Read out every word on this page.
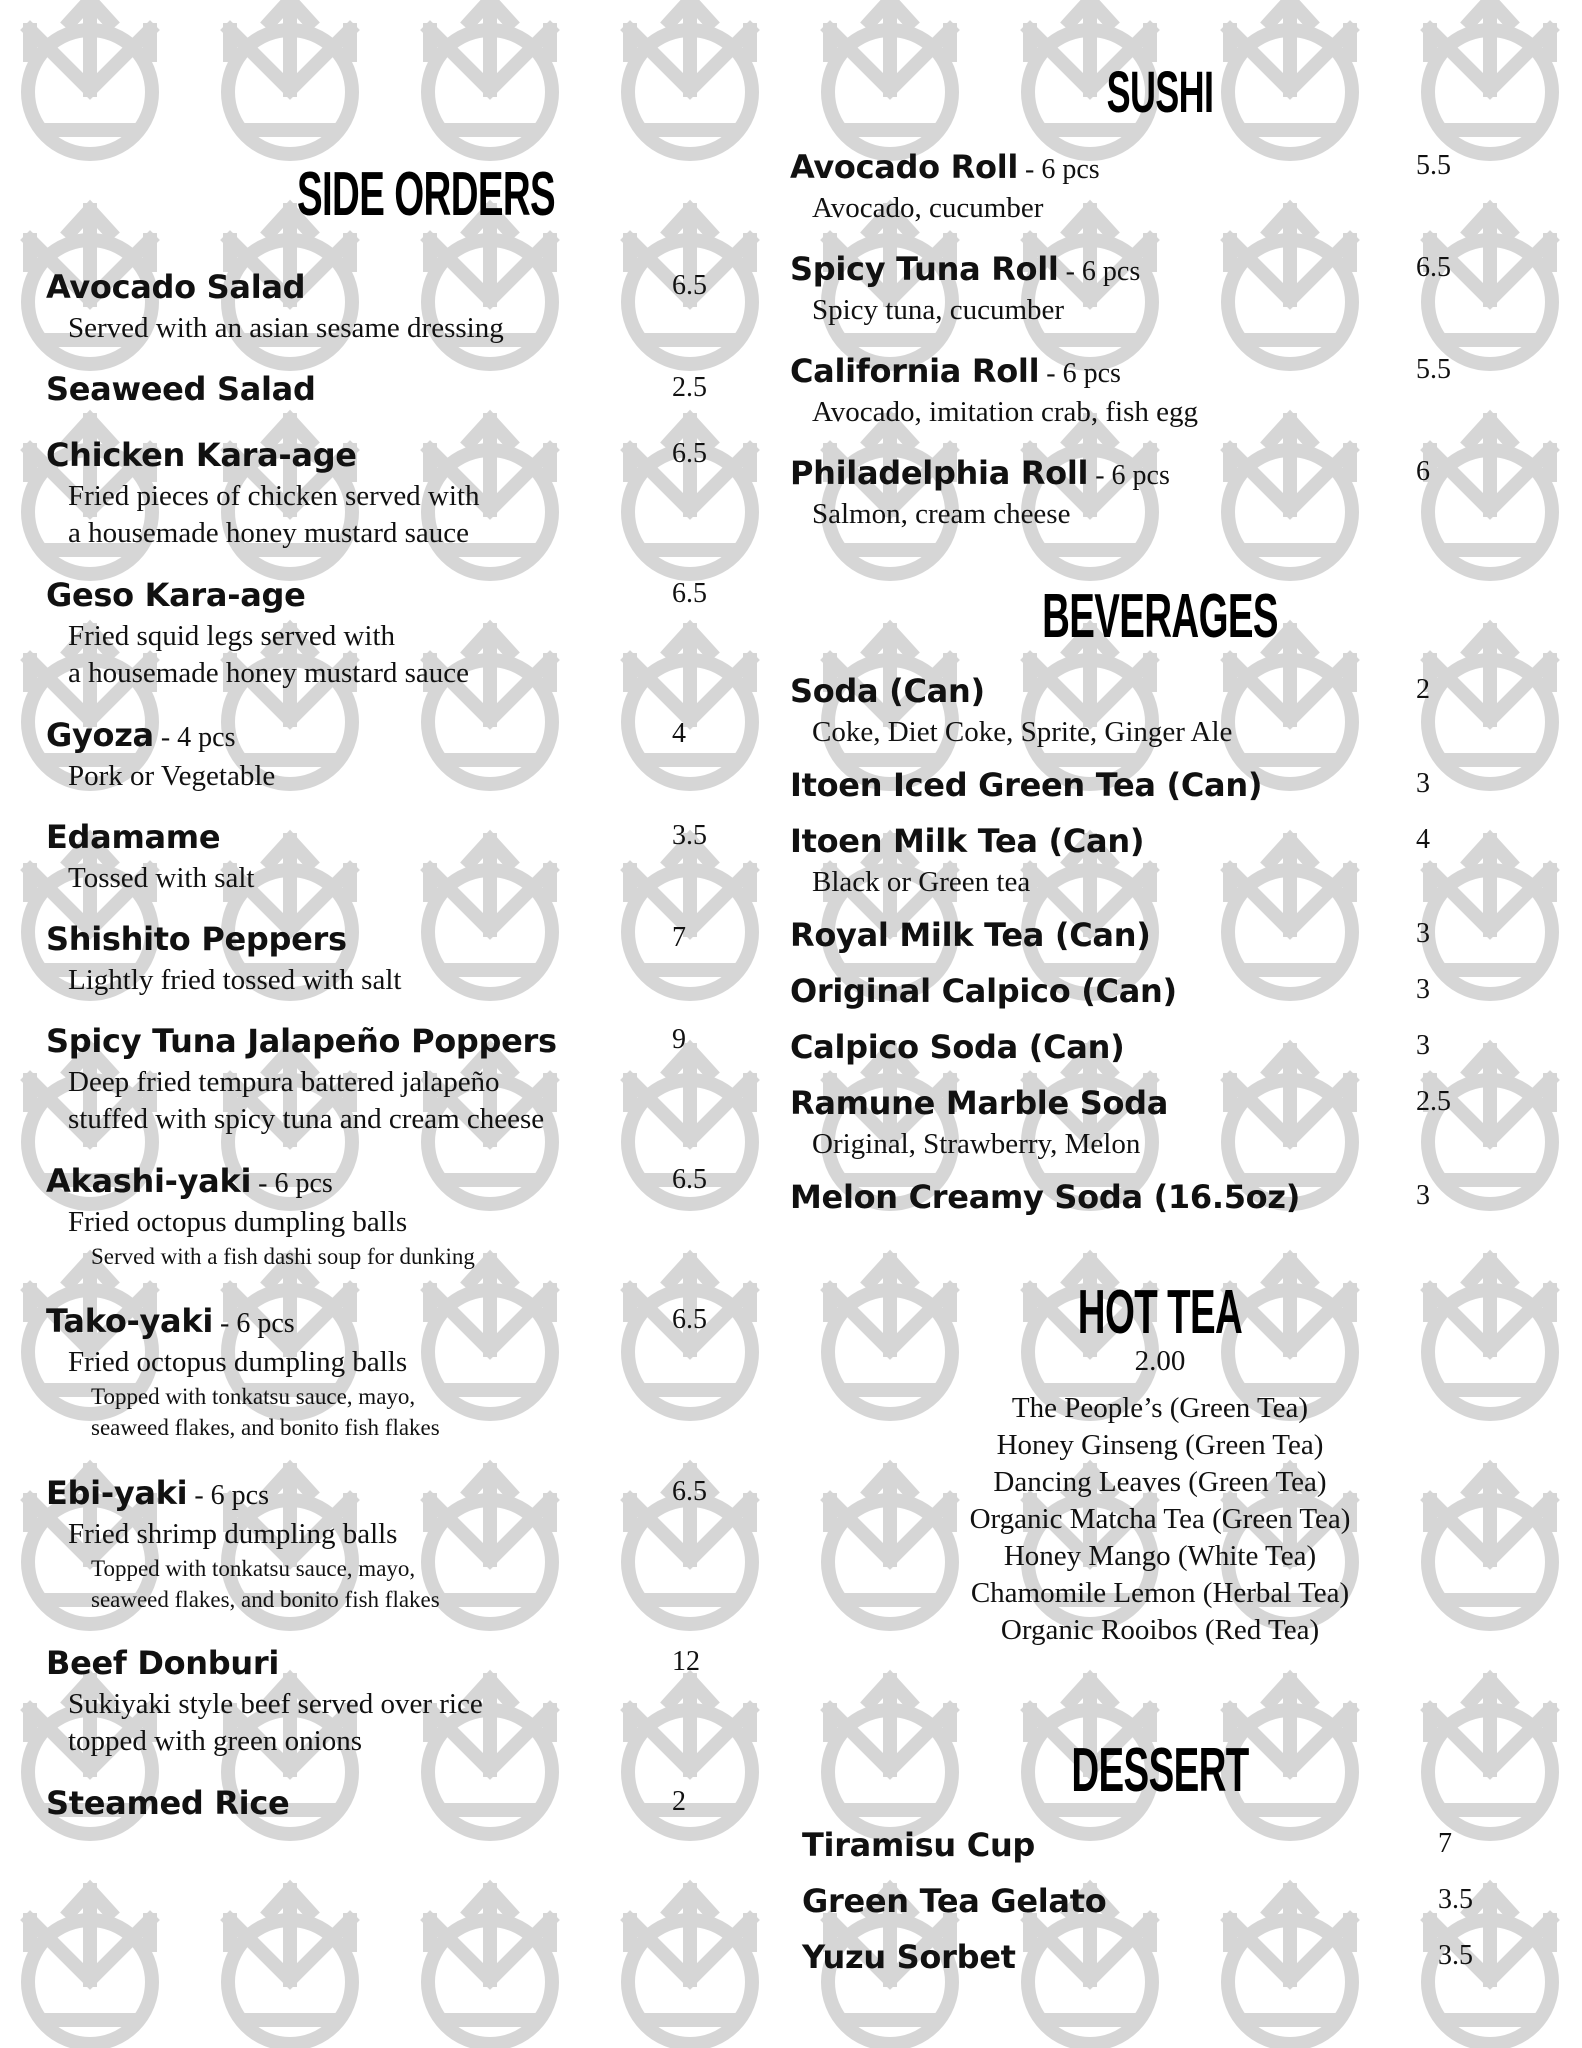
SIDE ORDERS
Avocado Salad	6.5
Served with an asian sesame dressing
Seaweed Salad	2.5
Chicken Kara-age	6.5
Fried pieces of chicken served with
a housemade honey mustard sauce
Geso Kara-age	6.5
Fried squid legs served with
a housemade honey mustard sauce
Gyoza - 4 pcs	4
Pork or Vegetable
Edamame	3.5
Tossed with salt
Shishito Peppers	7
Lightly fried tossed with salt
Spicy Tuna Jalapeño Poppers	9
Deep fried tempura battered jalapeño
stuffed with spicy tuna and cream cheese
Akashi-yaki - 6 pcs	6.5
Fried octopus dumpling balls
Served with a fish dashi soup for dunking
Tako-yaki - 6 pcs	6.5
Fried octopus dumpling balls
Topped with tonkatsu sauce, mayo,
seaweed flakes, and bonito fish flakes
Ebi-yaki - 6 pcs	6.5
Fried shrimp dumpling balls
Topped with tonkatsu sauce, mayo,
seaweed flakes, and bonito fish flakes
Beef Donburi	12
Sukiyaki style beef served over rice
topped with green onions
Steamed Rice	2
SUSHI
Avocado Roll - 6 pcs	5.5
Avocado, cucumber
Spicy Tuna Roll - 6 pcs	6.5
Spicy tuna, cucumber
California Roll - 6 pcs	5.5
Avocado, imitation crab, fish egg
Philadelphia Roll - 6 pcs	6
Salmon, cream cheese
BEVERAGES
Soda (Can)	2
Coke, Diet Coke, Sprite, Ginger Ale
Itoen Iced Green Tea (Can)	3
Itoen Milk Tea (Can)	4
Black or Green tea
Royal Milk Tea (Can)	3
Original Calpico (Can)	3
Calpico Soda (Can)	3
Ramune Marble Soda	2.5
Original, Strawberry, Melon
Melon Creamy Soda (16.5oz)	3
DESSERT
Tiramisu Cup	7
Green Tea Gelato	3.5
Yuzu Sorbet	3.5
HOT TEA
2.00
The People’s (Green Tea)
Honey Ginseng (Green Tea)
Dancing Leaves (Green Tea)
Organic Matcha Tea (Green Tea)
Honey Mango (White Tea)
Chamomile Lemon (Herbal Tea)
Organic Rooibos (Red Tea)
